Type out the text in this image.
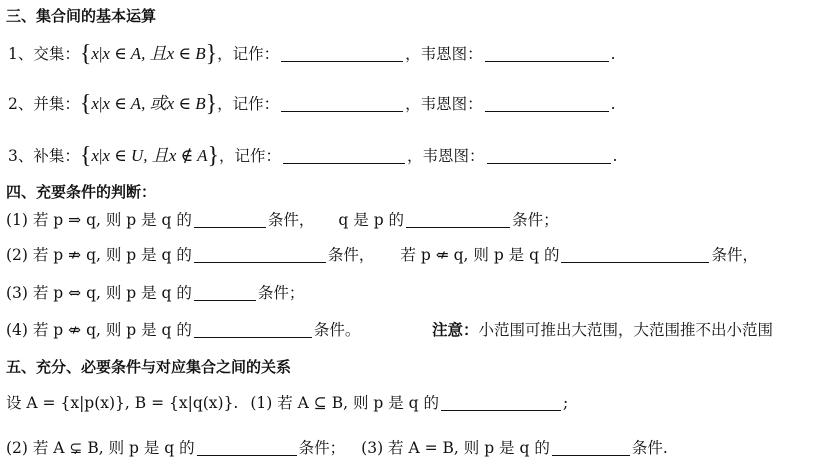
三、集合间的基本运算
1、交集：{x|x ∈ A, 且x ∈ B}，记作：	，韦恩图：	.
2、并集：{x|x ∈ A, 或x ∈ B}，记作：	，韦恩图：	.
3、补集：{x|x ∈ U, 且x ∉ A}，记作：	，韦恩图：	.
四、充要条件的判断：
(1) 若 p ⇒ q, 则 p 是 q 的	条件， q 是 p 的	条件；
(2) 若 p ⇏ q, 则 p 是 q 的	条件， 若 p ⇍ q, 则 p 是 q 的	条件，
(3) 若 p ⇔ q, 则 p 是 q 的	条件；
(4) 若 p ⇎ q, 则 p 是 q 的	条件。	注意：小范围可推出大范围，大范围推不出小范围
五、充分、必要条件与对应集合之间的关系
设 A = {x|p(x)}, B = {x|q(x)}. (1) 若 A ⊆ B, 则 p 是 q 的	;
(2) 若 A ⊊ B, 则 p 是 q 的	条件； (3) 若 A = B, 则 p 是 q 的	条件.
